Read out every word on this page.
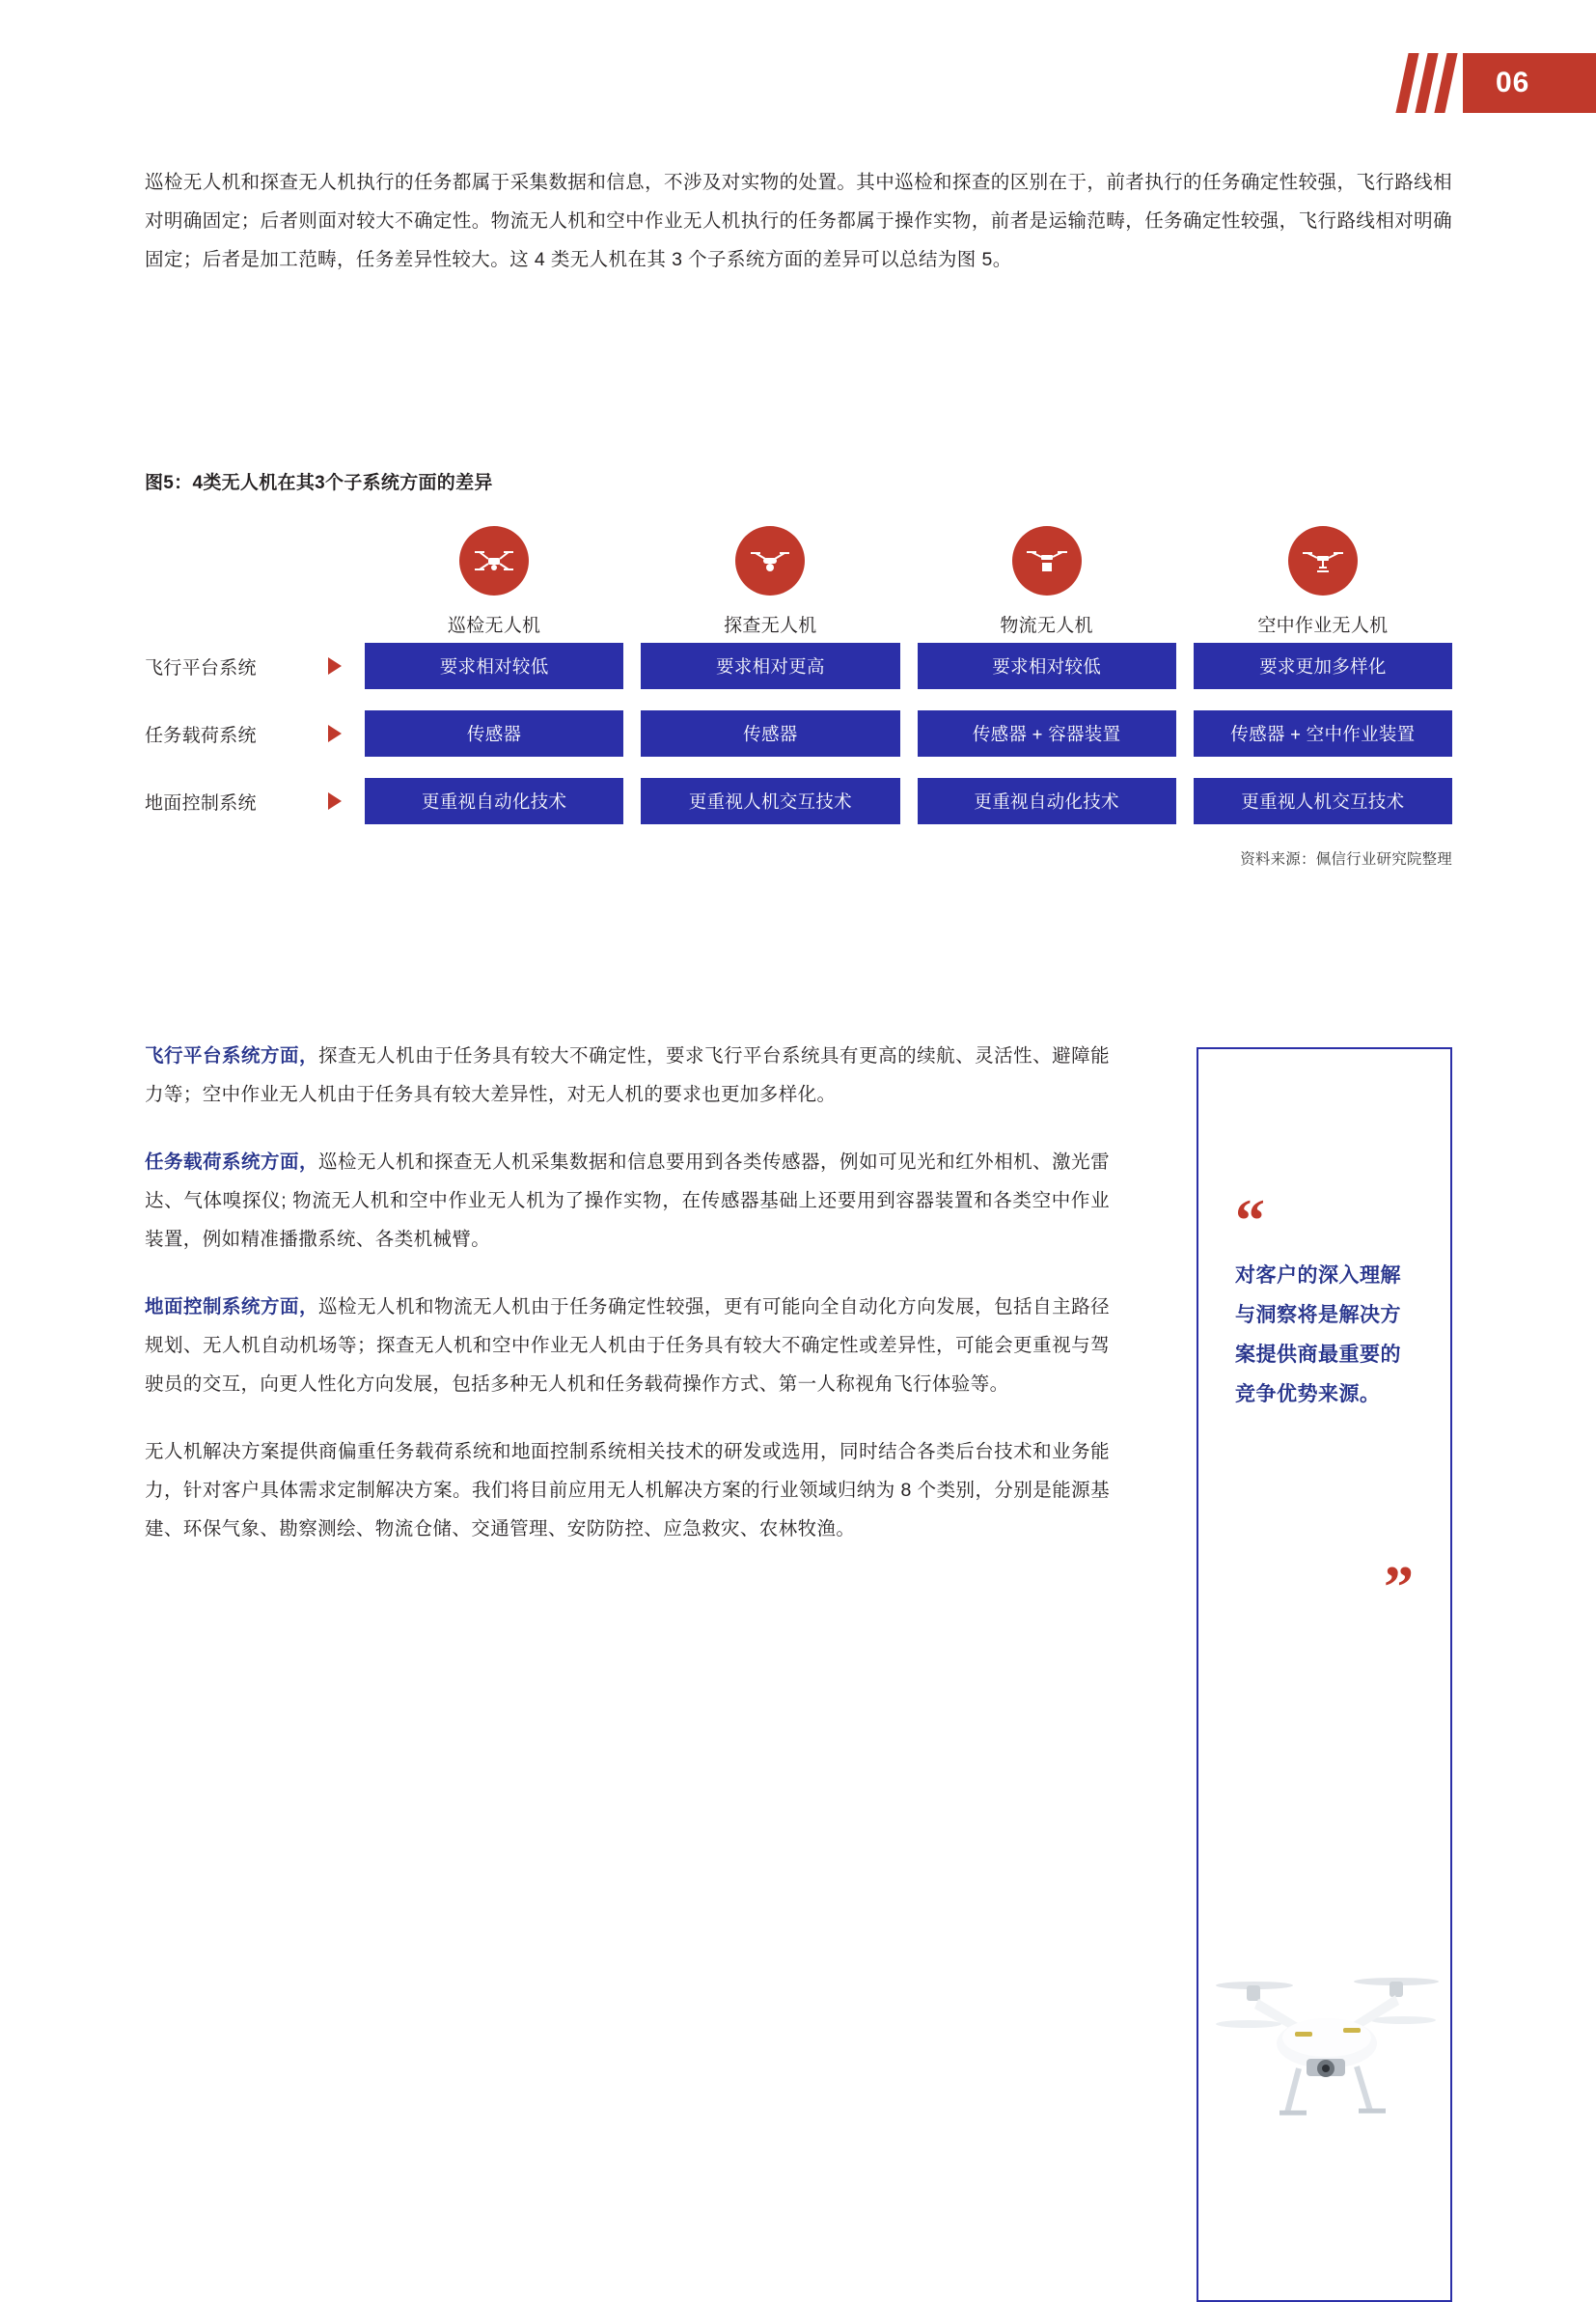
06

巡检无人机和探查无人机执行的任务都属于采集数据和信息，不涉及对实物的处置。其中巡检和探查的区别在于，前者执行的任务确定性较强，飞行路线相对明确固定；后者则面对较大不确定性。物流无人机和空中作业无人机执行的任务都属于操作实物，前者是运输范畴，任务确定性较强，飞行路线相对明确固定；后者是加工范畴，任务差异性较大。这 4 类无人机在其 3 个子系统方面的差异可以总结为图 5。

图5：4类无人机在其3个子系统方面的差异
巡检无人机	探查无人机	物流无人机	空中作业无人机
飞行平台系统	要求相对较低	要求相对更高	要求相对较低	要求更加多样化
任务载荷系统	传感器	传感器	传感器 + 容器装置	传感器 + 空中作业装置
地面控制系统	更重视自动化技术	更重视人机交互技术	更重视自动化技术	更重视人机交互技术
资料来源：佩信行业研究院整理

飞行平台系统方面，探查无人机由于任务具有较大不确定性，要求飞行平台系统具有更高的续航、灵活性、避障能力等；空中作业无人机由于任务具有较大差异性，对无人机的要求也更加多样化。

任务载荷系统方面，巡检无人机和探查无人机采集数据和信息要用到各类传感器，例如可见光和红外相机、激光雷达、气体嗅探仪; 物流无人机和空中作业无人机为了操作实物，在传感器基础上还要用到容器装置和各类空中作业装置，例如精准播撒系统、各类机械臂。

地面控制系统方面，巡检无人机和物流无人机由于任务确定性较强，更有可能向全自动化方向发展，包括自主路径规划、无人机自动机场等；探查无人机和空中作业无人机由于任务具有较大不确定性或差异性，可能会更重视与驾驶员的交互，向更人性化方向发展，包括多种无人机和任务载荷操作方式、第一人称视角飞行体验等。

无人机解决方案提供商偏重任务载荷系统和地面控制系统相关技术的研发或选用，同时结合各类后台技术和业务能力，针对客户具体需求定制解决方案。我们将目前应用无人机解决方案的行业领域归纳为 8 个类别，分别是能源基建、环保气象、勘察测绘、物流仓储、交通管理、安防防控、应急救灾、农林牧渔。

“
对客户的深入理解与洞察将是解决方案提供商最重要的竞争优势来源。
”
